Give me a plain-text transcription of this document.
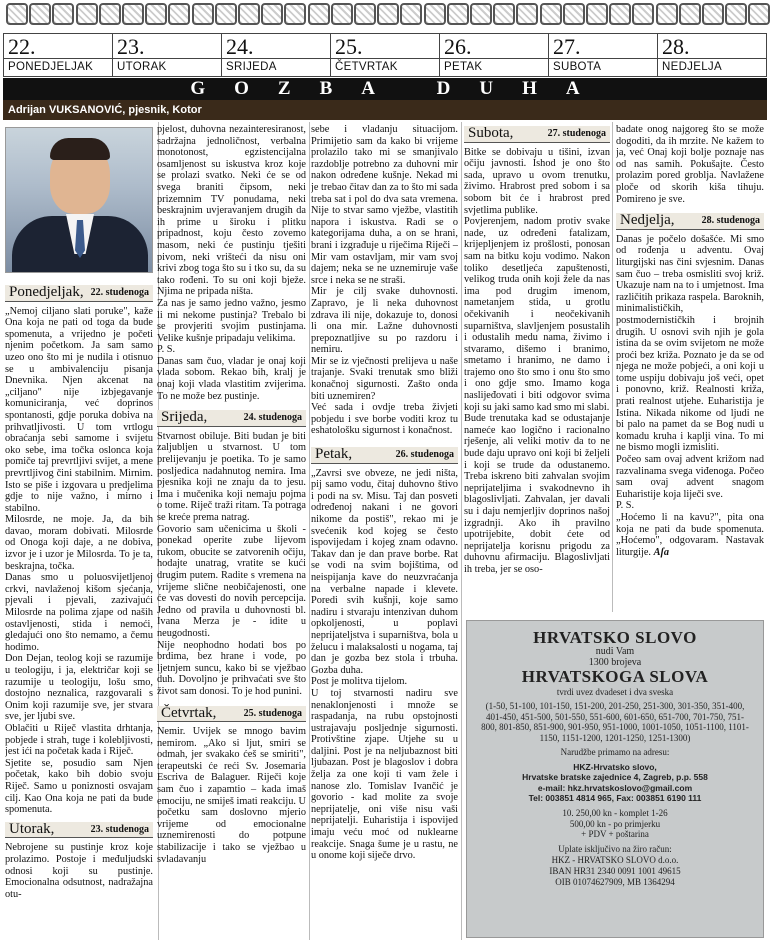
22.
PONEDJELJAK
23.
UTORAK
24.
SRIJEDA
25.
ČETVRTAK
26.
PETAK
27.
SUBOTA
28.
NEDJELJA
GOZBA DUHA
Adrijan VUKSANOVIĆ, pjesnik, Kotor
Ponedjeljak, 22. studenoga

„Nemoj ciljano slati poruke", kaže Ona koja ne pati od toga da bude spomenuta, a vrijedno je početi njenim početkom. Ja sam samo uzeo ono što mi je nudila i otisnuo se u ambivalenciju pisanja Dnevnika. Njen akcenat na „ciljano" nije izbjegavanje komuniciranja, već doprinos spontanosti, gdje poruka dobiva na prihvatljivosti. U tom vrtlogu obraćanja sebi samome i svijetu oko sebe, ima točka oslonca koja pomiče taj prevrtljivi svijet, a mene prevrtljivog čini stabilnim. Mirnim. Isto se piše i izgovara u predjelima gdje to nije važno, i mirno i stabilno.

Milosrde, ne moje. Ja, da bih davao, moram dobivati. Milosrde od Onoga koji daje, a ne dobiva, izvor je i uzor je Milosrda. To je ta, beskrajna, točka.

Danas smo u poluosvijetljenoj crkvi, navlaženoj kišom sjećanja, pjevali i pjevali, zazivajući Milosrde na polima zjape od naših ostavljenosti, stida i nemoći, gledajući ono što nemamo, a čemu hodimo.

Don Dejan, teolog koji se razumije u teologiju, i ja, električar koji se razumije u teologiju, lošu smo, dostojno neznalica, razgovarali s Onim koji razumije sve, jer stvara sve, jer ljubi sve.

Oblačiti u Riječ vlastita drhtanja, pobjede i strah, tuge i kolebljivosti, jest ići na početak kada i Riječ.

Sjetite se, posudio sam Njen početak, kako bih dobio svoju Riječ. Samo u poniznosti osvajam cilj. Kao Ona koja ne pati da bude spomenuta.

Utorak,	23. studenoga

Nebrojene su pustinje kroz koje prolazimo. Postoje i međuljudski odnosi koji su pustinje. Emocionalna odsutnost, nadražajna otu-

pjelost, duhovna nezainteresiranost, sadržajna jednoličnost, verbalna monotonost, egzistencijalna osamljenost su iskustva kroz koje se prolazi svatko. Neki će se od svega braniti čipsom, neki prizemnim TV ponudama, neki beskrajnim uvjeravanjem drugih da ih prime u široku i plitku pripadnost, koju često zovemo masom, neki će pustinju tješiti pivom, neki vrišteći da nisu oni krivi zbog toga što su i tko su, da su tako rođeni. To su oni koji bježe. Njima ne pripada ništa.

Za nas je samo jedno važno, jesmo li mi nekome pustinja? Trebalo bi se provjeriti svojim pustinjama. Velike kušnje pripadaju velikima.

P. S.

Danas sam čuo, vladar je onaj koji vlada sobom. Rekao bih, kralj je onaj koji vlada vlastitim zvijerima. To ne može bez pustinje.

Srijeda,	24. studenoga

Stvarnost obiluje. Biti budan je biti zaljubljen u stvarnost. U tom prelijevanju je poetika. To je samo posljedica nadahnutog nemira. Ima pjesnika koji ne znaju da to jesu. Ima i mučenika koji nemaju pojma o tome. Riječ traži ritam. Ta potraga se kreće prema natrag.

Govorio sam učenicima u školi - ponekad operite zube lijevom rukom, obucite se zatvorenih očiju, hodajte unatrag, vratite se kući drugim putem. Radite s vremena na vrijeme slične neobičajenosti, one će vas dovesti do novih percepcija. Jedno od pravila u duhovnosti bl. Ivana Merza je - idite u neugodnosti.

Nije neophodno hodati bos po brdima, bez hrane i vode, po ljetnjem suncu, kako bi se vježbao duh. Dovoljno je prihvaćati sve što život sam donosi. To je hod punini.

Četvrtak,	25. studenoga

Nemir. Uvijek se mnogo bavim nemirom. „Ako si ljut, smiri se odmah, jer svakako ćeš se smiriti", terapeutski će reći Sv. Josemaria Escriva de Balaguer. Riječi koje sam čuo i zapamtio – kada imaš emociju, ne smiješ imati reakciju. U početku sam doslovno mjerio vrijeme od emocionalne uznemirenosti do potpune stabilizacije i tako se vježbao u svladavanju

sebe i vladanju situacijom. Primijetio sam da kako bi vrijeme prolazilo tako mi se smanjivalo razdoblje potrebno za duhovni mir nakon određene kušnje. Nekad mi je trebao čitav dan za to što mi sada treba sat i pol do dva sata vremena. Nije to stvar samo vježbe, vlastitih napora i iskustva. Radi se o kategorijama duha, a on se hrani, brani i izgrađuje u riječima Riječi – Mir vam ostavljam, mir vam svoj dajem; neka se ne uznemiruje vaše srce i neka se ne straši.

Mir je cilj svake duhovnosti. Zapravo, je li neka duhovnost zdrava ili nije, dokazuje to, donosi li ona mir. Lažne duhovnosti prepoznatljive su po razdoru i nemiru.

Mir se iz vječnosti prelijeva u naše trajanje. Svaki trenutak smo bliži konačnoj sigurnosti. Zašto onda biti uznemiren?

Već sada i ovdje treba živjeti pobjedu i sve borbe voditi kroz tu eshatološku sigurnost i konačnost.

Petak,	26. studenoga

„Zavrsi sve obveze, ne jedi ništa, pij samo vodu, čitaj duhovno štivo i podi na sv. Misu. Taj dan posveti određenoj nakani i ne govori nikome da postiš", rekao mi je svećenik kod kojeg se često ispovijedam i kojeg znam odavno. Takav dan je dan prave borbe. Rat se vodi na svim bojištima, od neispijanja kave do neuzvraćanja na verbalne napade i klevete. Poredi svih kušnji, koje samo nadiru i stvaraju intenzivan duhom opkoljenosti, u poplavi neprijateljstva i suparništva, bola u želucu i malaksalosti u nogama, taj dan je gozba bez stola i trbuha. Gozba duha.

Post je molitva tijelom.

U toj stvarnosti nadiru sve nenaklonjenosti i množe se raspadanja, na rubu opstojnosti ustrajavaju posljednje sigurnosti. Protivštine zjape. Utjehe su u daljini. Post je na neljubaznost biti ljubazan. Post je blagoslov i dobra želja za one koji ti vam žele i nanose zlo. Tomislav Ivančić je govorio - kad molite za svoje neprijatelje, oni više nisu vaši neprijatelji. Euharistija i ispovijed imaju veću moć od nuklearne reakcije. Snaga šume je u rastu, ne u onome koji siječe drvo.

Subota,	27. studenoga

Bitke se dobivaju u tišini, izvan očiju javnosti. Ishod je ono što sada, upravo u ovom trenutku, živimo. Hrabrost pred sobom i sa sobom bit će i hrabrost pred svjetlima publike.

Povjerenjem, nadom protiv svake nade, uz određeni fatalizam, krijepljenjem iz prošlosti, ponosan sam na bitku koju vodimo. Nakon toliko desetljeća zapuštenosti, velikog truda onih koji žele da nas ima pod drugim imenom, nametanjem stida, u grotlu očekivanih i neočekivanih suparništva, slavljenjem posustalih i odustalih medu nama, živimo i stvaramo, dišemo i branimo, smetamo i hranimo, ne damo i trajemo ono što smo i onu što smo i ono gdje smo. Imamo koga naslijeđovati i biti odgovor svima koji su jaki samo kad smo mi slabi.

Bude trenutaka kad se odustajanje nameće kao logično i racionalno rješenje, ali veliki motiv da to ne bude daju upravo oni koji bi željeli i koji se trude da odustanemo. Treba iskreno biti zahvalan svojim neprijateljima i svakodnevno ih blagoslivljati. Zahvalan, jer davali su i daju nemjerljiv doprinos našoj izgradnji. Ako ih pravilno upotrijebite, dobit ćete od neprijatelja korisnu prigodu za duhovnu afirmaciju. Blagoslivljati ih treba, jer se oso-

badate onog najgoreg što se može dogoditi, da ih mrzite. Ne kažem to ja, već Onaj koji bolje poznaje nas od nas samih. Pokušajte. Često prolazim pored groblja. Navlažene ploče od skorih kiša tihuju. Pomireno je sve.

Nedjelja,	28. studenoga

Danas je počelo došašće. Mi smo od rođenja u adventu. Ovaj liturgijski nas čini svjesnim. Danas sam čuo – treba osmisliti svoj križ. Ukazuje nam na to i umjetnost. Ima različitih prikaza raspela. Baroknih, minimalističkih, postmodernističkih i brojnih drugih. U osnovi svih njih je gola istina da se ovim svijetom ne može proći bez križa. Poznato je da se od njega ne može pobjeći, a oni koji u tome uspiju dobivaju još veći, opet i ponovno, križ. Realnosti križa, prati realnost utjehe. Euharistija je Istina. Nikada nikome od ljudi ne bi palo na pamet da se Bog nudi u komadu kruha i kaplji vina. To mi ne bismo mogli izmisliti.

Počeo sam ovaj advent križom nad razvalinama svega viđenoga. Počeo sam ovaj advent snagom Euharistije koja liječi sve.

P. S.

„Hoćemo li na kavu?", pita ona koja ne pati da bude spomenuta. „Hoćemo", odgovaram. Nastavak liturgije. Aſa

HRVATSKO SLOVO
nudi Vam
1300 brojeva
HRVATSKOGA SLOVA
tvrdi uvez dvadeset i dva sveska
(1-50, 51-100, 101-150, 151-200, 201-250, 251-300, 301-350, 351-400, 401-450, 451-500, 501-550, 551-600, 601-650, 651-700, 701-750, 751-800, 801-850, 851-900, 901-950, 951-1000, 1001-1050, 1051-1100, 1101-1150, 1151-1200, 1201-1250, 1251-1300)
Narudžbe primamo na adresu:
HKZ-Hrvatsko slovo,
Hrvatske bratske zajednice 4, Zagreb, p.p. 558
e-mail: hkz.hrvatskoslovo@gmail.com
Tel: 003851 4814 965, Fax: 003851 6190 111
10. 250,00 kn - komplet 1-26
500,00 kn - po primjerku
+ PDV + poštarina
Uplate isključivo na žiro račun:
HKZ - HRVATSKO SLOVO d.o.o.
IBAN HR31 2340 0091 1001 49615
OIB 01074627909, MB 1364294
